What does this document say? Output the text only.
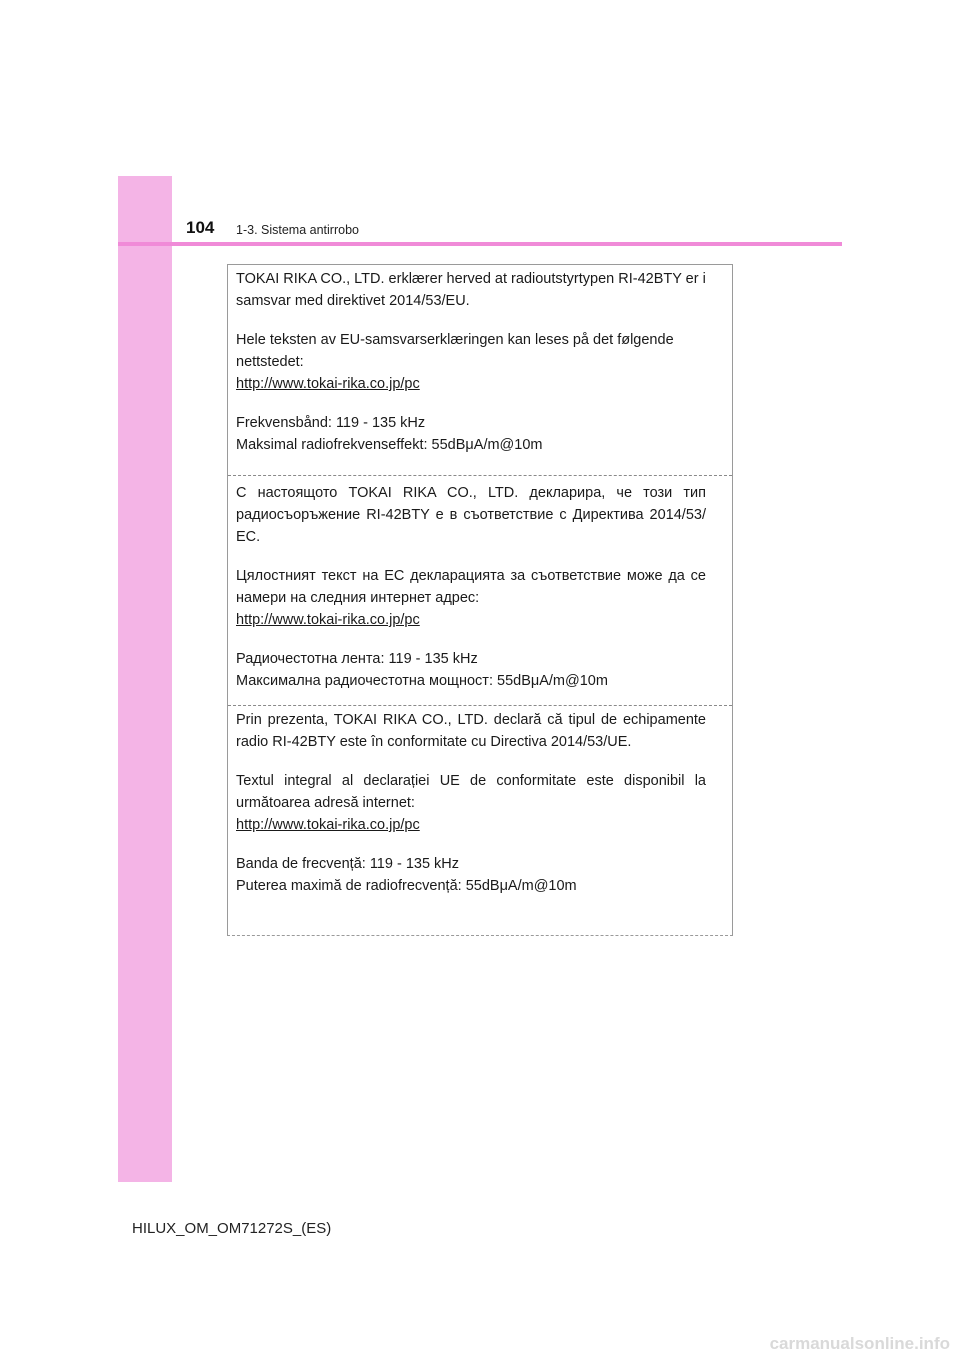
104 1-3. Sistema antirrobo

TOKAI RIKA CO., LTD. erklærer herved at radioutstyrtypen RI-42BTY er i samsvar med direktivet 2014/53/EU.

Hele teksten av EU-samsvarserklæringen kan leses på det følgende nettstedet:

http://www.tokai-rika.co.jp/pc

Frekvensbånd: 119 - 135 kHz

Maksimal radiofrekvenseffekt: 55dBμA/m@10m

С настоящото TOKAI RIKA CO., LTD. декларира, че този тип радиосъоръжение RI-42BTY е в съответствие с Директива 2014/53/ЕС.

Цялостният текст на ЕС декларацията за съответствие може да се намери на следния интернет адрес:

http://www.tokai-rika.co.jp/pc

Радиочестотна лента: 119 - 135 kHz

Максимална радиочестотна мощност: 55dBμA/m@10m

Prin prezenta, TOKAI RIKA CO., LTD. declară că tipul de echipamente radio RI-42BTY este în conformitate cu Directiva 2014/53/UE.

Textul integral al declarației UE de conformitate este disponibil la următoarea adresă internet:

http://www.tokai-rika.co.jp/pc

Banda de frecvență: 119 - 135 kHz

Puterea maximă de radiofrecvență: 55dBμA/m@10m

HILUX_OM_OM71272S_(ES)
carmanualsonline.info
